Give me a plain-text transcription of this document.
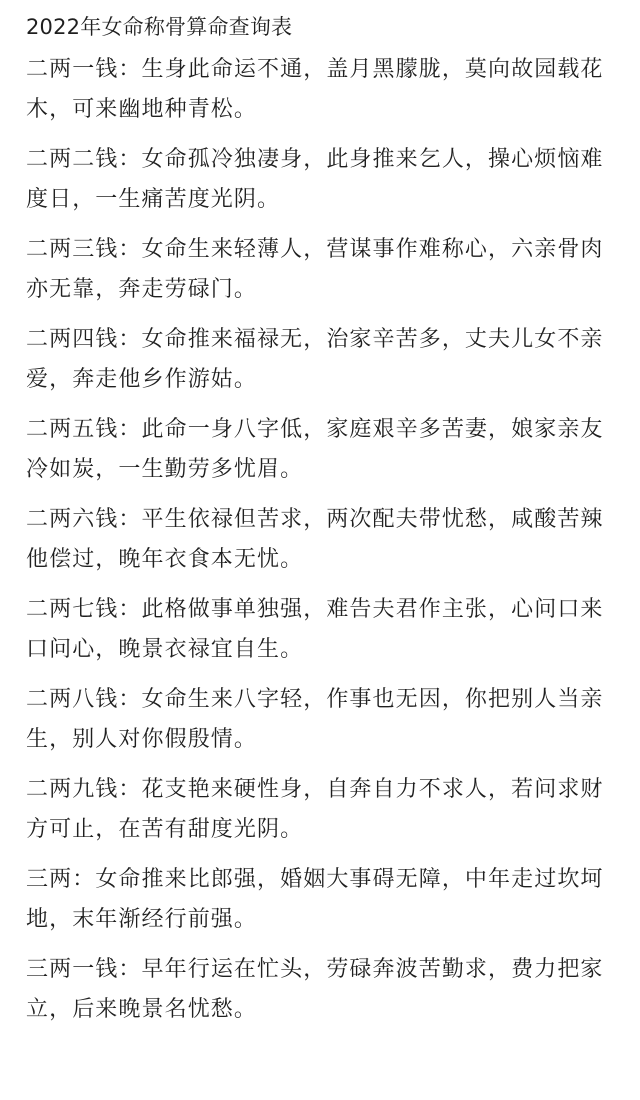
2022年女命称骨算命查询表

二两一钱：生身此命运不通，盖月黑朦胧，莫向故园载花木，可来幽地种青松。

二两二钱：女命孤冷独凄身，此身推来乞人，操心烦恼难度日，一生痛苦度光阴。

二两三钱：女命生来轻薄人，营谋事作难称心，六亲骨肉亦无靠，奔走劳碌门。

二两四钱：女命推来福禄无，治家辛苦多，丈夫儿女不亲爱，奔走他乡作游姑。

二两五钱：此命一身八字低，家庭艰辛多苦妻，娘家亲友冷如炭，一生勤劳多忧眉。

二两六钱：平生依禄但苦求，两次配夫带忧愁，咸酸苦辣他偿过，晚年衣食本无忧。

二两七钱：此格做事单独强，难告夫君作主张，心问口来口问心，晚景衣禄宜自生。

二两八钱：女命生来八字轻，作事也无因，你把别人当亲生，别人对你假殷情。

二两九钱：花支艳来硬性身，自奔自力不求人，若问求财方可止，在苦有甜度光阴。

三两：女命推来比郎强，婚姻大事碍无障，中年走过坎坷地，末年渐经行前强。

三两一钱：早年行运在忙头，劳碌奔波苦勤求，费力把家立，后来晚景名忧愁。
